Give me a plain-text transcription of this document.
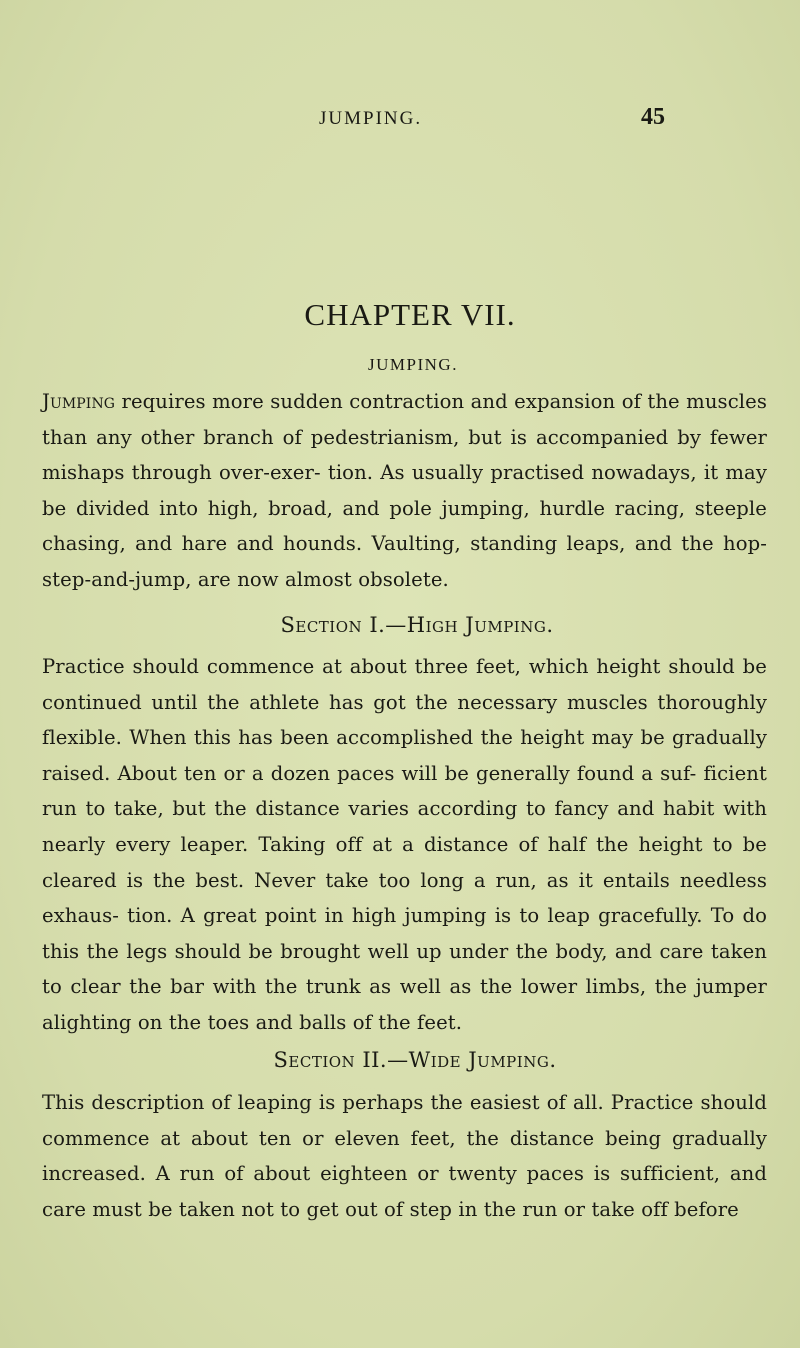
JUMPING.	45
CHAPTER VII.
JUMPING.

Jumping requires more sudden contraction and expansion of the muscles than any other branch of pedestrianism, but is accompanied by fewer mishaps through over-exer- tion. As usually practised nowadays, it may be divided into high, broad, and pole jumping, hurdle racing, steeple chasing, and hare and hounds. Vaulting, standing leaps, and the hop-step-and-jump, are now almost obsolete.

Section I.—High Jumping.

Practice should commence at about three feet, which height should be continued until the athlete has got the necessary muscles thoroughly flexible. When this has been accomplished the height may be gradually raised. About ten or a dozen paces will be generally found a suf- ficient run to take, but the distance varies according to fancy and habit with nearly every leaper. Taking off at a distance of half the height to be cleared is the best. Never take too long a run, as it entails needless exhaus- tion. A great point in high jumping is to leap gracefully. To do this the legs should be brought well up under the body, and care taken to clear the bar with the trunk as well as the lower limbs, the jumper alighting on the toes and balls of the feet.

Section II.—Wide Jumping.

This description of leaping is perhaps the easiest of all. Practice should commence at about ten or eleven feet, the distance being gradually increased. A run of about eighteen or twenty paces is sufficient, and care must be taken not to get out of step in the run or take off before
